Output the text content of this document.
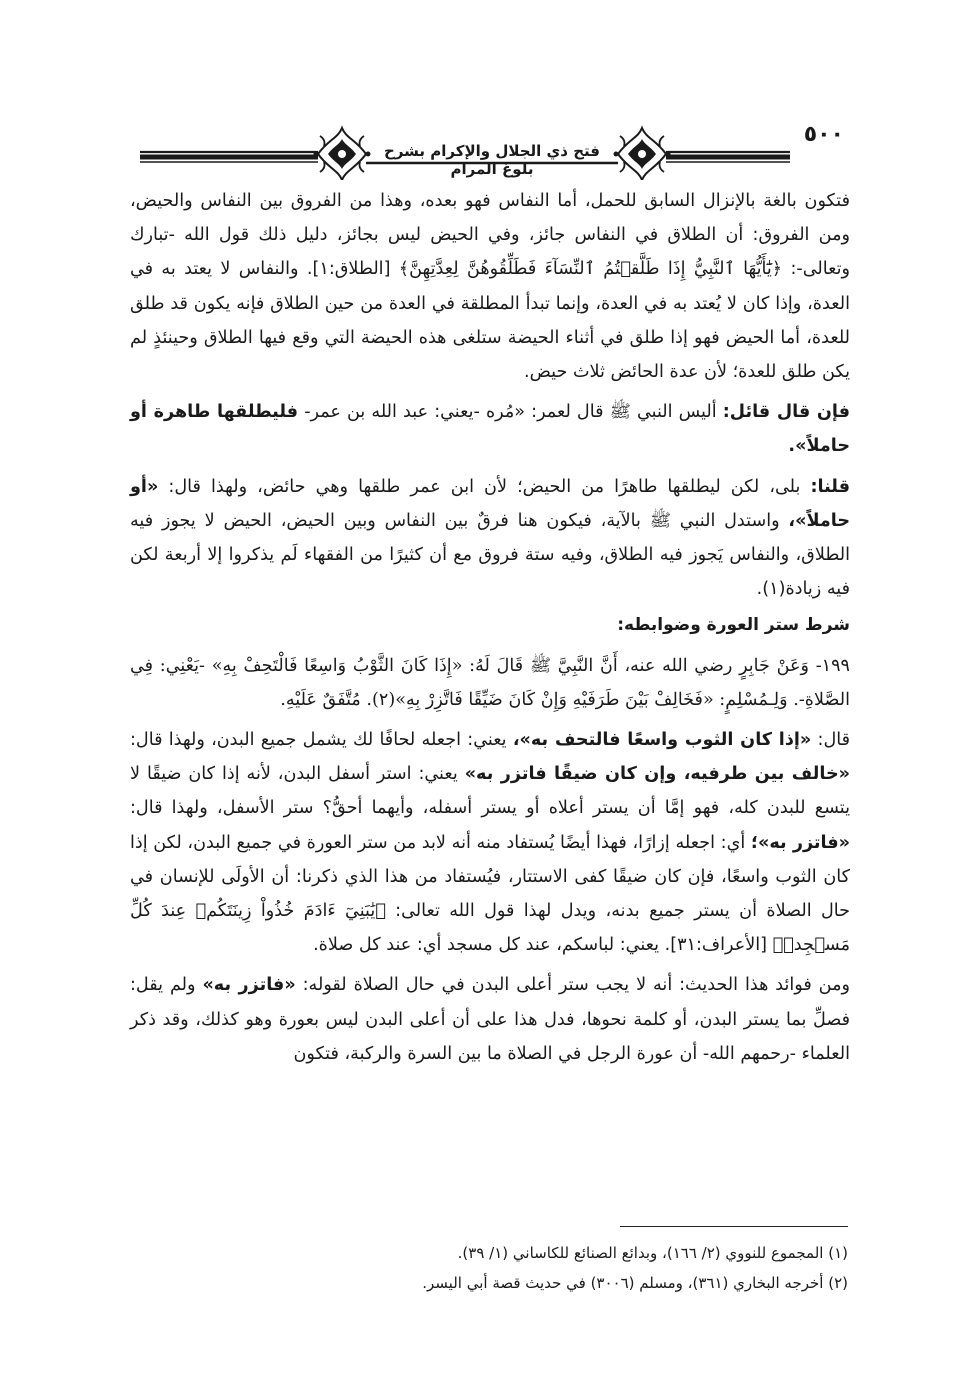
٥٠٠
فتح ذي الجلال والإكرام بشرح بلوغ المرام

فتكون بالغة بالإنزال السابق للحمل، أما النفاس فهو بعده، وهذا من الفروق بين النفاس والحيض، ومن الفروق: أن الطلاق في النفاس جائز، وفي الحيض ليس بجائز، دليل ذلك قول الله -تبارك وتعالى-: ﴿يَٰٓأَيُّهَا ٱلنَّبِيُّ إِذَا طَلَّقۡتُمُ ٱلنِّسَآءَ فَطَلِّقُوهُنَّ لِعِدَّتِهِنَّ﴾ [الطلاق:١]. والنفاس لا يعتد به في العدة، وإذا كان لا يُعتد به في العدة، وإنما تبدأ المطلقة في العدة من حين الطلاق فإنه يكون قد طلق للعدة، أما الحيض فهو إذا طلق في أثناء الحيضة ستلغى هذه الحيضة التي وقع فيها الطلاق وحينئذٍ لم يكن طلق للعدة؛ لأن عدة الحائض ثلاث حيض.

فإن قال قائل: أليس النبي ﷺ قال لعمر: «مُره -يعني: عبد الله بن عمر- فليطلقها طاهرة أو حاملاً».

قلنا: بلى، لكن ليطلقها طاهرًا من الحيض؛ لأن ابن عمر طلقها وهي حائض، ولهذا قال: «أو حاملاً»، واستدل النبي ﷺ بالآية، فيكون هنا فرقٌ بين النفاس وبين الحيض، الحيض لا يجوز فيه الطلاق، والنفاس يَجوز فيه الطلاق، وفيه ستة فروق مع أن كثيرًا من الفقهاء لَم يذكروا إلا أربعة لكن فيه زيادة(١).

شرط ستر العورة وضوابطه:

١٩٩- وَعَنْ جَابِرٍ رضي الله عنه، أَنَّ النَّبِيَّ ﷺ قَالَ لَهُ: «إِذَا كَانَ الثَّوْبُ وَاسِعًا فَالْتَحِفْ بِهِ» -يَعْنِي: فِي الصَّلاةِ-. وَلِـمُسْلِمٍ: «فَخَالِفْ بَيْنَ طَرَفَيْهِ وَإِنْ كَانَ ضَيِّقًا فَاتَّزِرْ بِهِ»(٢). مُتَّفَقٌ عَلَيْهِ.

قال: «إذا كان الثوب واسعًا فالتحف به»، يعني: اجعله لحافًا لك يشمل جميع البدن، ولهذا قال: «خالف بين طرفيه، وإن كان ضيقًا فاتزر به» يعني: استر أسفل البدن، لأنه إذا كان ضيقًا لا يتسع للبدن كله، فهو إمَّا أن يستر أعلاه أو يستر أسفله، وأيهما أحقُّ؟ ستر الأسفل، ولهذا قال: «فاتزر به»؛ أي: اجعله إزارًا، فهذا أيضًا يُستفاد منه أنه لابد من ستر العورة في جميع البدن، لكن إذا كان الثوب واسعًا، فإن كان ضيقًا كفى الاستتار، فيُستفاد من هذا الذي ذكرنا: أن الأولَى للإنسان في حال الصلاة أن يستر جميع بدنه، ويدل لهذا قول الله تعالى: ﴿يَٰبَنِيٓ ءَادَمَ خُذُواْ زِينَتَكُمۡ عِندَ كُلِّ مَسۡجِدٖ﴾ [الأعراف:٣١]. يعني: لباسكم، عند كل مسجد أي: عند كل صلاة.

ومن فوائد هذا الحديث: أنه لا يجب ستر أعلى البدن في حال الصلاة لقوله: «فاتزر به» ولم يقل: فصلِّ بما يستر البدن، أو كلمة نحوها، فدل هذا على أن أعلى البدن ليس بعورة وهو كذلك، وقد ذكر العلماء -رحمهم الله- أن عورة الرجل في الصلاة ما بين السرة والركبة، فتكون

(١) المجموع للنووي (٢/ ١٦٦)، وبدائع الصنائع للكاساني (١/ ٣٩).

(٢) أخرجه البخاري (٣٦١)، ومسلم (٣٠٠٦) في حديث قصة أبي اليسر.
